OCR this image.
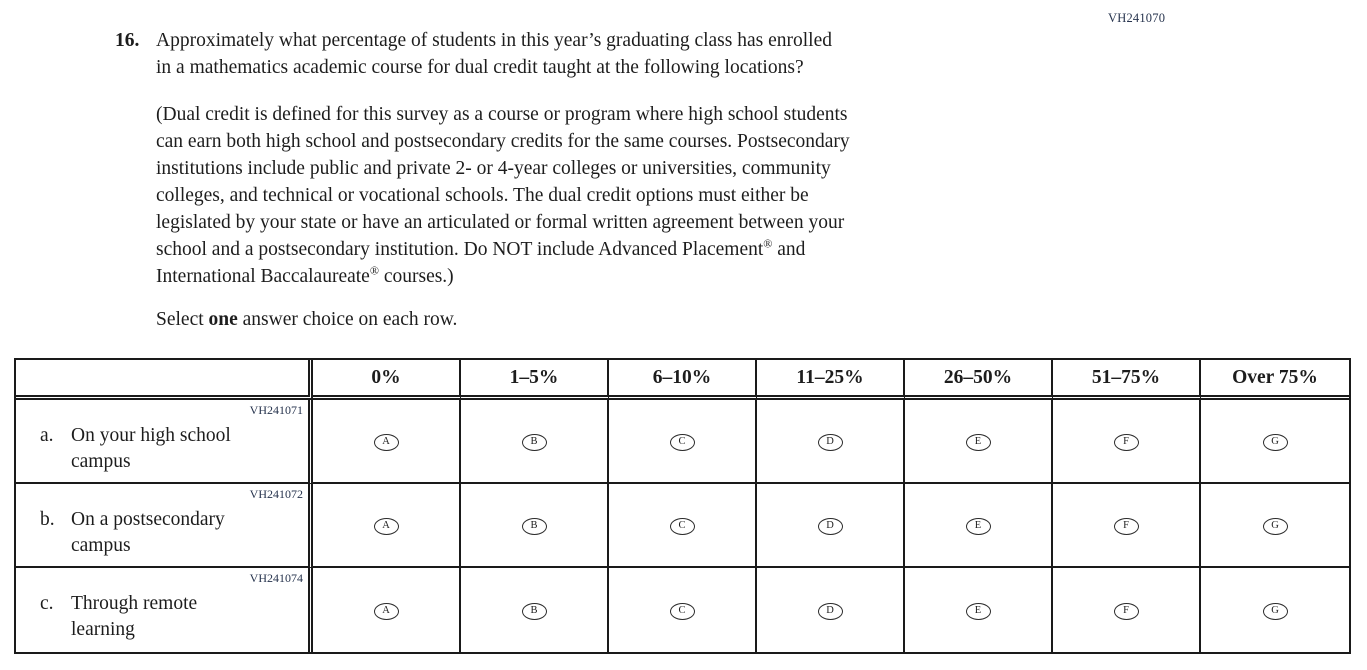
VH241070
16. Approximately what percentage of students in this year’s graduating class has enrolled
in a mathematics academic course for dual credit taught at the following locations?
(Dual credit is defined for this survey as a course or program where high school students
can earn both high school and postsecondary credits for the same courses. Postsecondary
institutions include public and private 2- or 4-year colleges or universities, community
colleges, and technical or vocational schools. The dual credit options must either be
legislated by your state or have an articulated or formal written agreement between your
school and a postsecondary institution. Do NOT include Advanced Placement® and
International Baccalaureate® courses.)
Select one answer choice on each row.
	0%	1–5%	6–10%	11–25%	26–50%	51–75%	Over 75%

VH241071
a. On your high school
campus	A	B	C	D	E	F	G

VH241072
b. On a postsecondary
campus	A	B	C	D	E	F	G

VH241074
c. Through remote
learning	A	B	C	D	E	F	G
